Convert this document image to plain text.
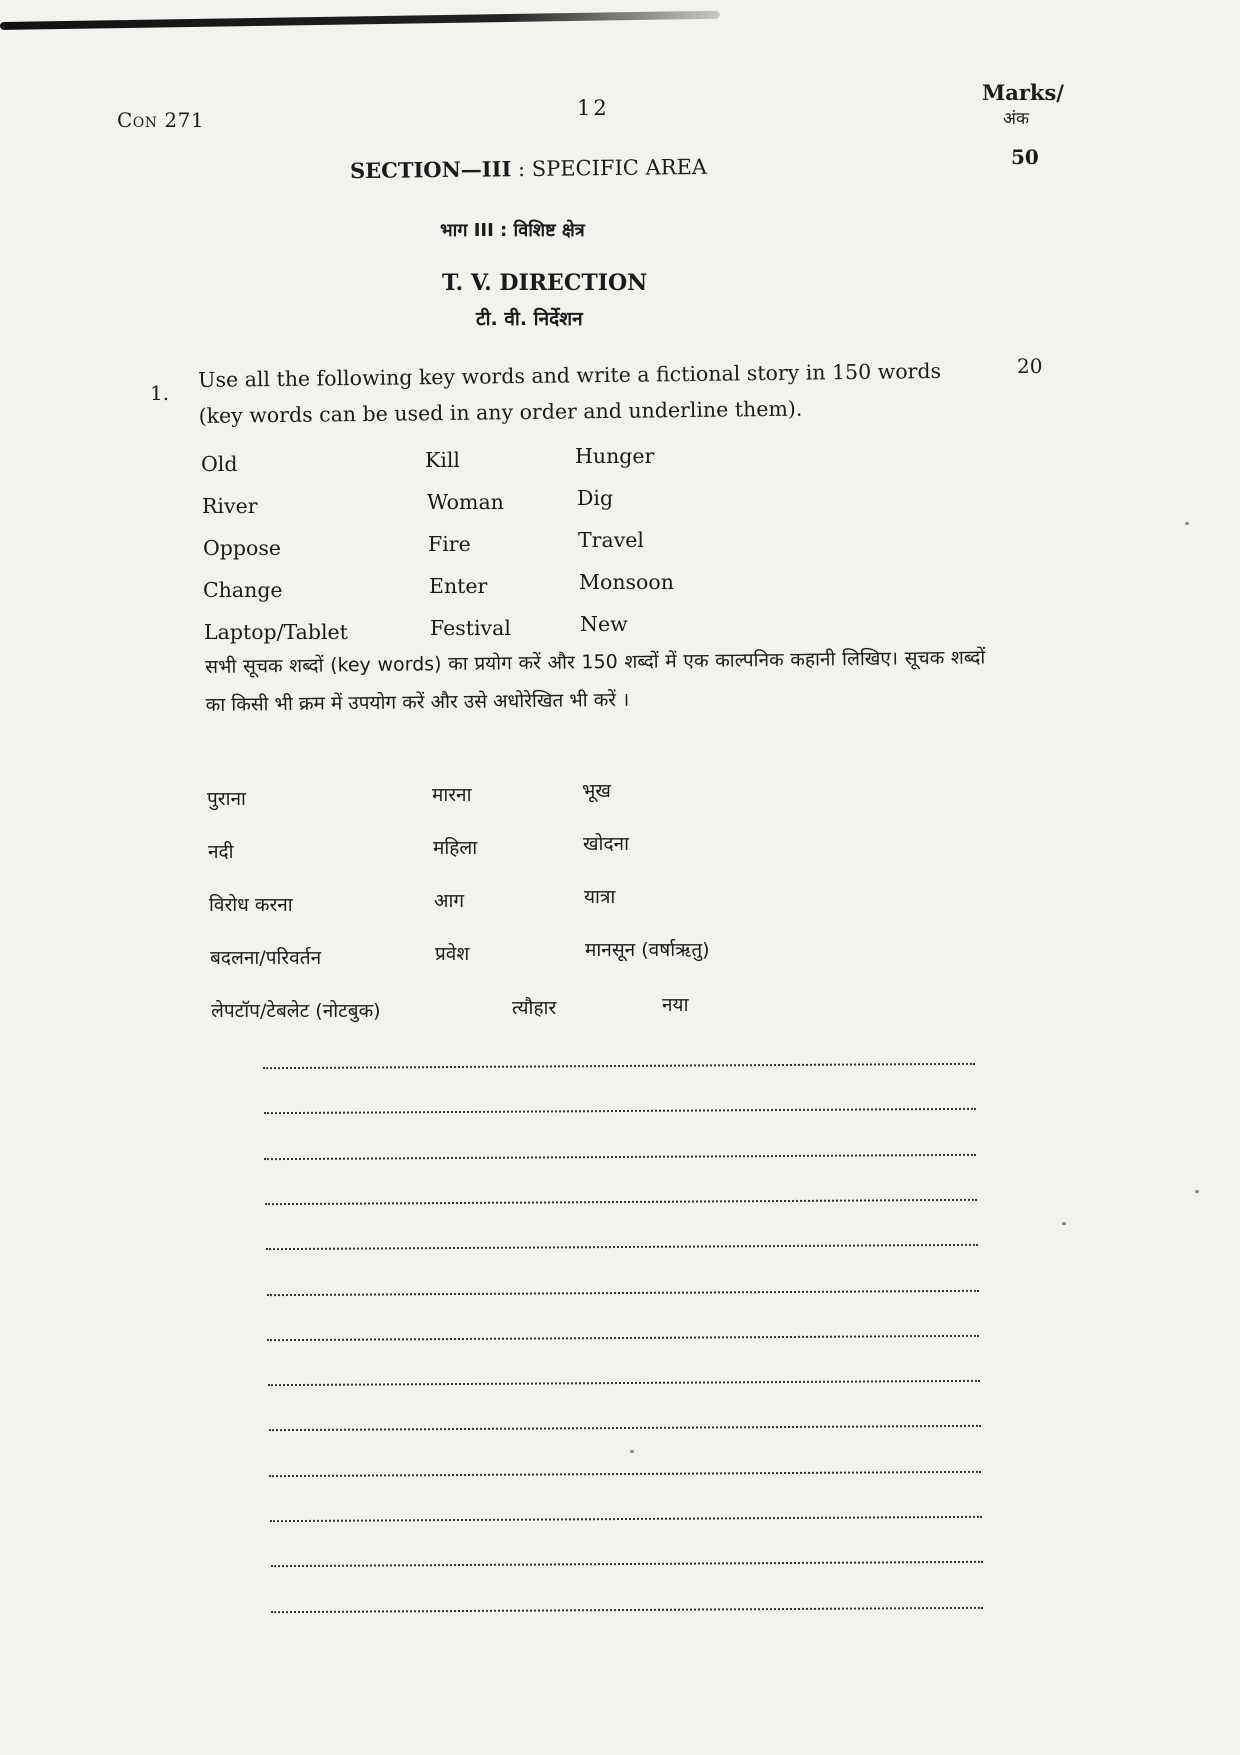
Con 271	12
Marks/
अंक
50
SECTION—III : SPECIFIC AREA
भाग III : विशिष्ट क्षेत्र
T. V. DIRECTION
टी. वी. निर्देशन
1.
20
Use all the following key words and write a fictional story in 150 words
(key words can be used in any order and underline them).
Old	Kill	Hunger
River	Woman	Dig
Oppose	Fire	Travel
Change	Enter	Monsoon
Laptop/Tablet	Festival	New
सभी सूचक शब्दों (key words) का प्रयोग करें और 150 शब्दों में एक काल्पनिक कहानी लिखिए। सूचक शब्दों का किसी भी क्रम में उपयोग करें और उसे अधोरेखित भी करें ।
पुराना	मारना	भूख
नदी	महिला	खोदना
विरोध करना	आग	यात्रा
बदलना/परिवर्तन	प्रवेश	मानसून (वर्षाऋतु)
लेपटॉप/टेबलेट (नोटबुक)	त्यौहार	नया
